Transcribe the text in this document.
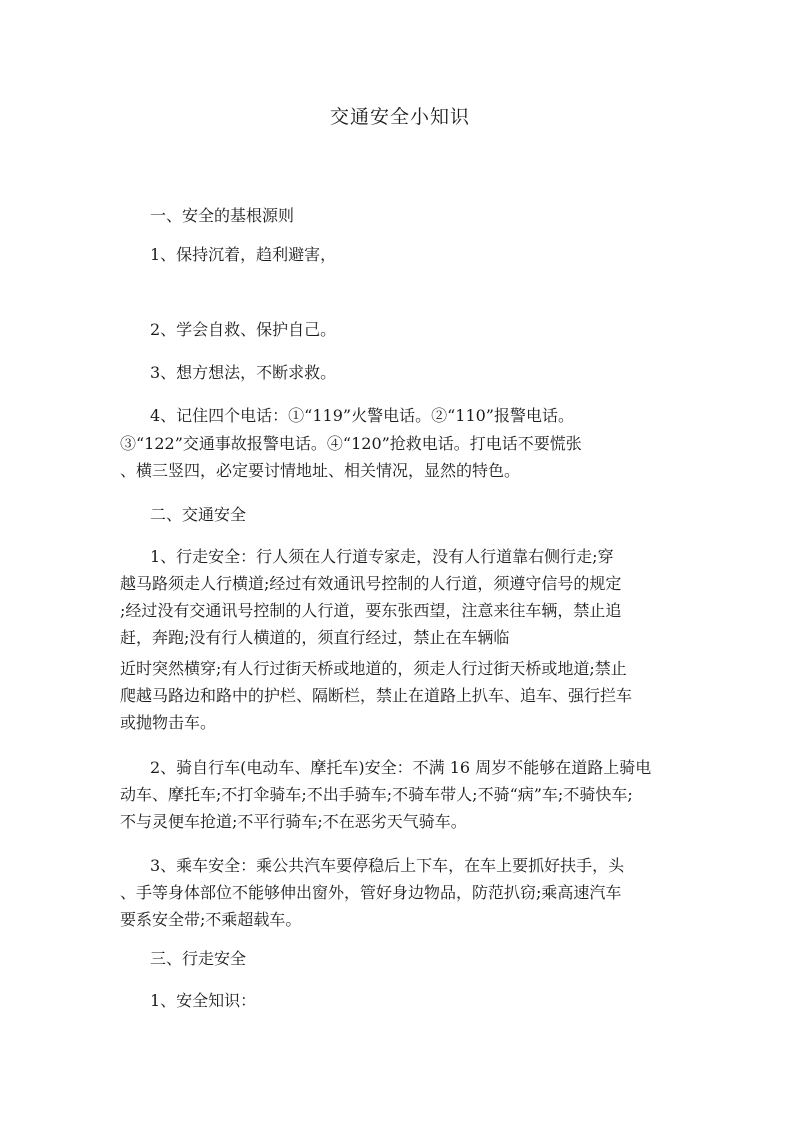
交通安全小知识
一、安全的基根源则
1、保持沉着，趋利避害，
2、学会自救、保护自己。
3、想方想法，不断求救。
4、记住四个电话：①“119”火警电话。②“110”报警电话。
③“122”交通事故报警电话。④“120”抢救电话。打电话不要慌张
、横三竖四，必定要讨情地址、相关情况，显然的特色。
二、交通安全
1、行走安全：行人须在人行道专家走，没有人行道靠右侧行走;穿
越马路须走人行横道;经过有效通讯号控制的人行道，须遵守信号的规定
;经过没有交通讯号控制的人行道，要东张西望，注意来往车辆，禁止追
赶，奔跑;没有行人横道的，须直行经过，禁止在车辆临
近时突然横穿;有人行过街天桥或地道的，须走人行过街天桥或地道;禁止
爬越马路边和路中的护栏、隔断栏，禁止在道路上扒车、追车、强行拦车
或抛物击车。
2、骑自行车(电动车、摩托车)安全：不满 16 周岁不能够在道路上骑电
动车、摩托车;不打伞骑车;不出手骑车;不骑车带人;不骑“病”车;不骑快车;
不与灵便车抢道;不平行骑车;不在恶劣天气骑车。
3、乘车安全：乘公共汽车要停稳后上下车，在车上要抓好扶手，头
、手等身体部位不能够伸出窗外，管好身边物品，防范扒窃;乘高速汽车
要系安全带;不乘超载车。
三、行走安全
1、安全知识：
